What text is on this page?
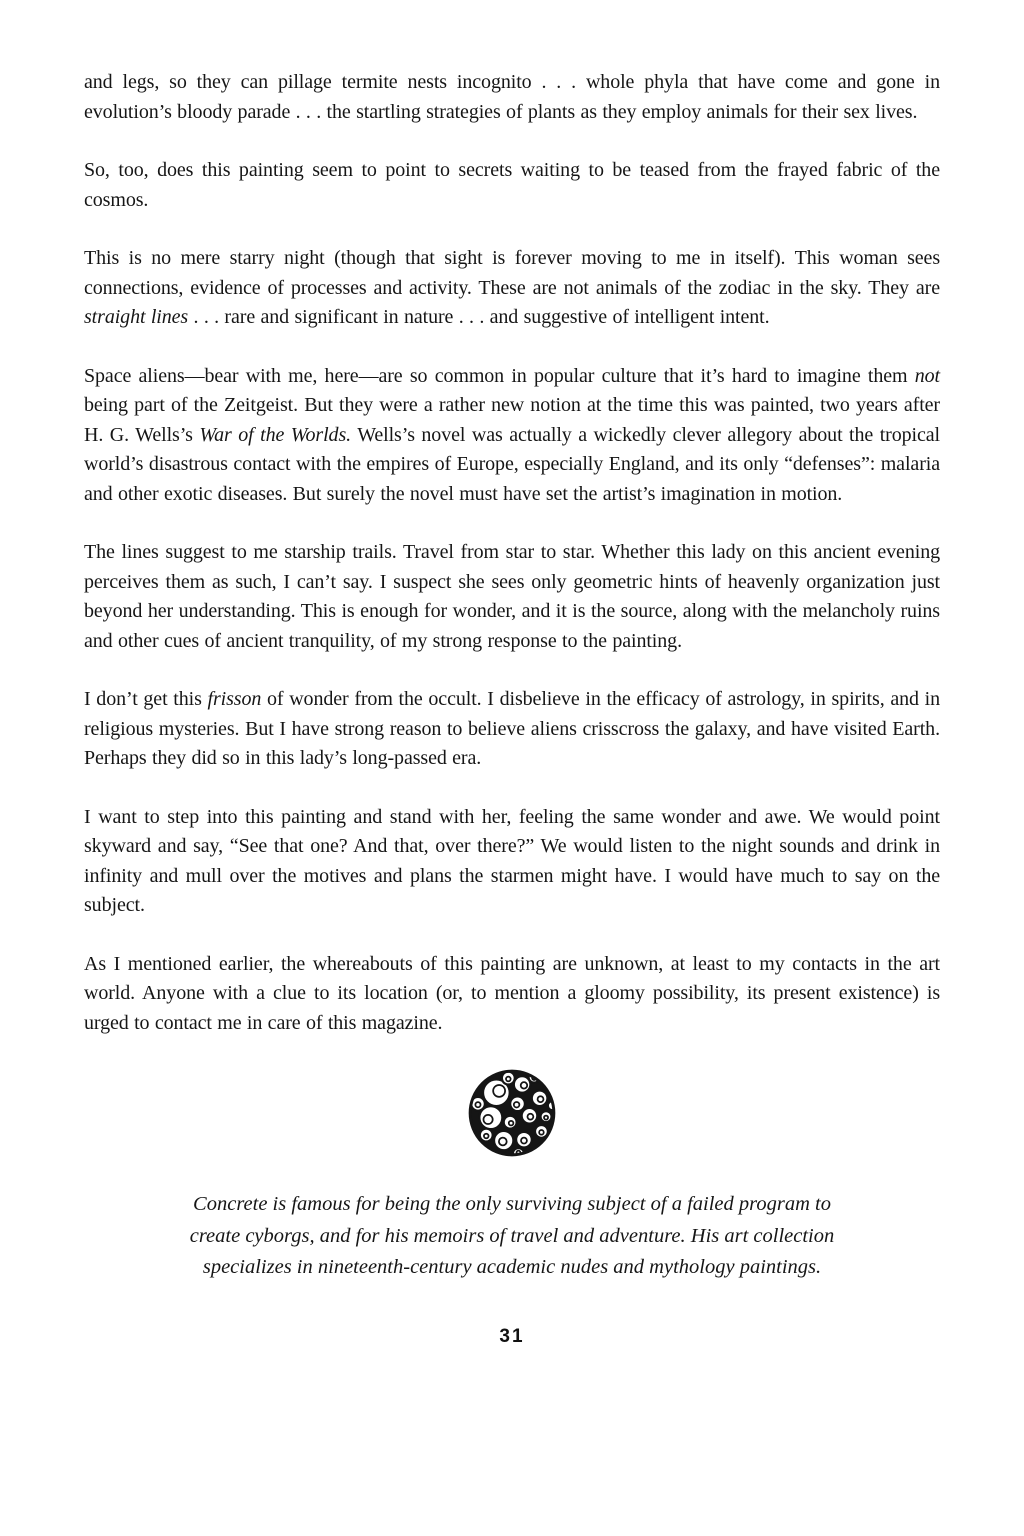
and legs, so they can pillage termite nests incognito . . . whole phyla that have come and gone in evolution’s bloody parade . . . the startling strategies of plants as they employ animals for their sex lives.

So, too, does this painting seem to point to secrets waiting to be teased from the frayed fabric of the cosmos.

This is no mere starry night (though that sight is forever moving to me in itself). This woman sees connections, evidence of processes and activity. These are not animals of the zodiac in the sky. They are straight lines . . . rare and significant in nature . . . and suggestive of intelligent intent.

Space aliens—bear with me, here—are so common in popular culture that it’s hard to imagine them not being part of the Zeitgeist. But they were a rather new notion at the time this was painted, two years after H. G. Wells’s War of the Worlds. Wells’s novel was actually a wickedly clever allegory about the tropical world’s disastrous contact with the empires of Europe, especially England, and its only “defenses”: malaria and other exotic diseases. But surely the novel must have set the artist’s imagination in motion.

The lines suggest to me starship trails. Travel from star to star. Whether this lady on this ancient evening perceives them as such, I can’t say. I suspect she sees only geometric hints of heavenly organization just beyond her understanding. This is enough for wonder, and it is the source, along with the melancholy ruins and other cues of ancient tranquility, of my strong response to the painting.

I don’t get this frisson of wonder from the occult. I disbelieve in the efficacy of astrology, in spirits, and in religious mysteries. But I have strong reason to believe aliens crisscross the galaxy, and have visited Earth. Perhaps they did so in this lady’s long-passed era.

I want to step into this painting and stand with her, feeling the same wonder and awe. We would point skyward and say, “See that one? And that, over there?” We would listen to the night sounds and drink in infinity and mull over the motives and plans the starmen might have. I would have much to say on the subject.

As I mentioned earlier, the whereabouts of this painting are unknown, at least to my contacts in the art world. Anyone with a clue to its location (or, to mention a gloomy possibility, its present existence) is urged to contact me in care of this magazine.

Concrete is famous for being the only surviving subject of a failed program to
create cyborgs, and for his memoirs of travel and adventure. His art collection
specializes in nineteenth-century academic nudes and mythology paintings.
31
